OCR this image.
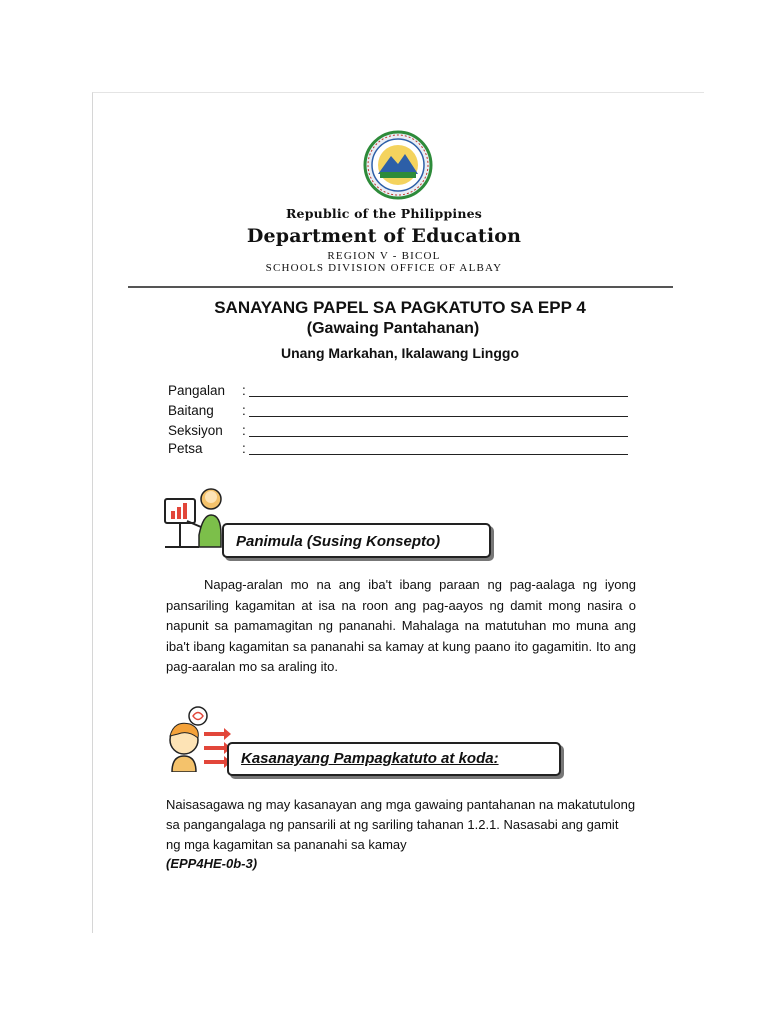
Republic of the Philippines
Department of Education
REGION V - BICOL
SCHOOLS DIVISION OFFICE OF ALBAY
SANAYANG PAPEL SA PAGKATUTO SA EPP 4
(Gawaing Pantahanan)
Unang Markahan, Ikalawang Linggo
Pangalan :
Baitang :
Seksiyon :
Petsa	:
Panimula (Susing Konsepto)
Napag-aralan mo na ang iba't ibang paraan ng pag-aalaga ng iyong pansariling kagamitan at isa na roon ang pag-aayos ng damit mong nasira o napunit sa pamamagitan ng pananahi. Mahalaga na matutuhan mo muna ang iba't ibang kagamitan sa pananahi sa kamay at kung paano ito gagamitin. Ito ang pag-aaralan mo sa araling ito.
Kasanayang Pampagkatuto at koda:
Naisasagawa ng may kasanayan ang mga gawaing pantahanan na makatutulong sa pangangalaga ng pansarili at ng sariling tahanan 1.2.1. Nasasabi ang gamit ng mga kagamitan sa pananahi sa kamay
(EPP4HE-0b-3)
